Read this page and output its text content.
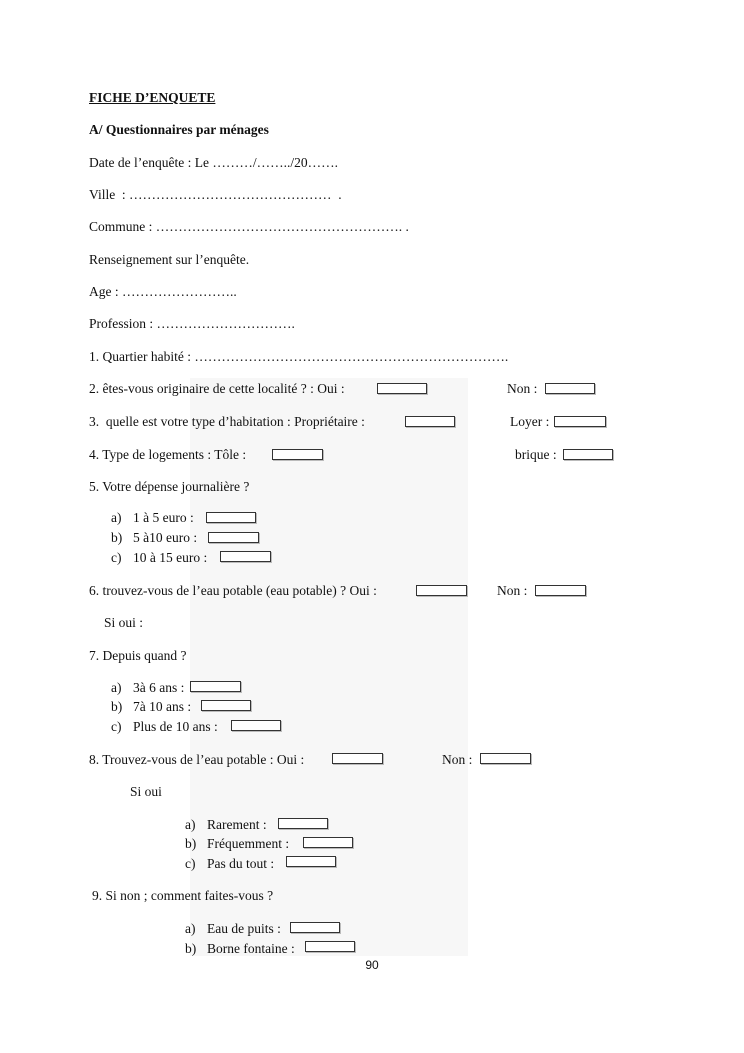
FICHE D’ENQUETE
A/ Questionnaires par ménages
Date de l’enquête : Le ………/……../20…….
Ville  : ………………………………………  .
Commune : ………………………………………………. .
Renseignement sur l’enquête.
Age : ……………………..
Profession : ………………………….
1. Quartier habité : …………………………………………………………….
2. êtes-vous originaire de cette localité ? : Oui :	Non :
3.  quelle est votre type d’habitation : Propriétaire :	Loyer :
4. Type de logements : Tôle :	brique :
5. Votre dépense journalière ?
a) 1 à 5 euro :
b) 5 à10 euro :
c) 10 à 15 euro :
6. trouvez-vous de l’eau potable (eau potable) ? Oui :	Non :
Si oui :
7. Depuis quand ?
a) 3à 6 ans :
b) 7à 10 ans :
c) Plus de 10 ans :
8. Trouvez-vous de l’eau potable : Oui :	Non :
Si oui
a) Rarement :
b) Fréquemment :
c) Pas du tout :
9. Si non ; comment faites-vous ?
a) Eau de puits :
b) Borne fontaine :
90
